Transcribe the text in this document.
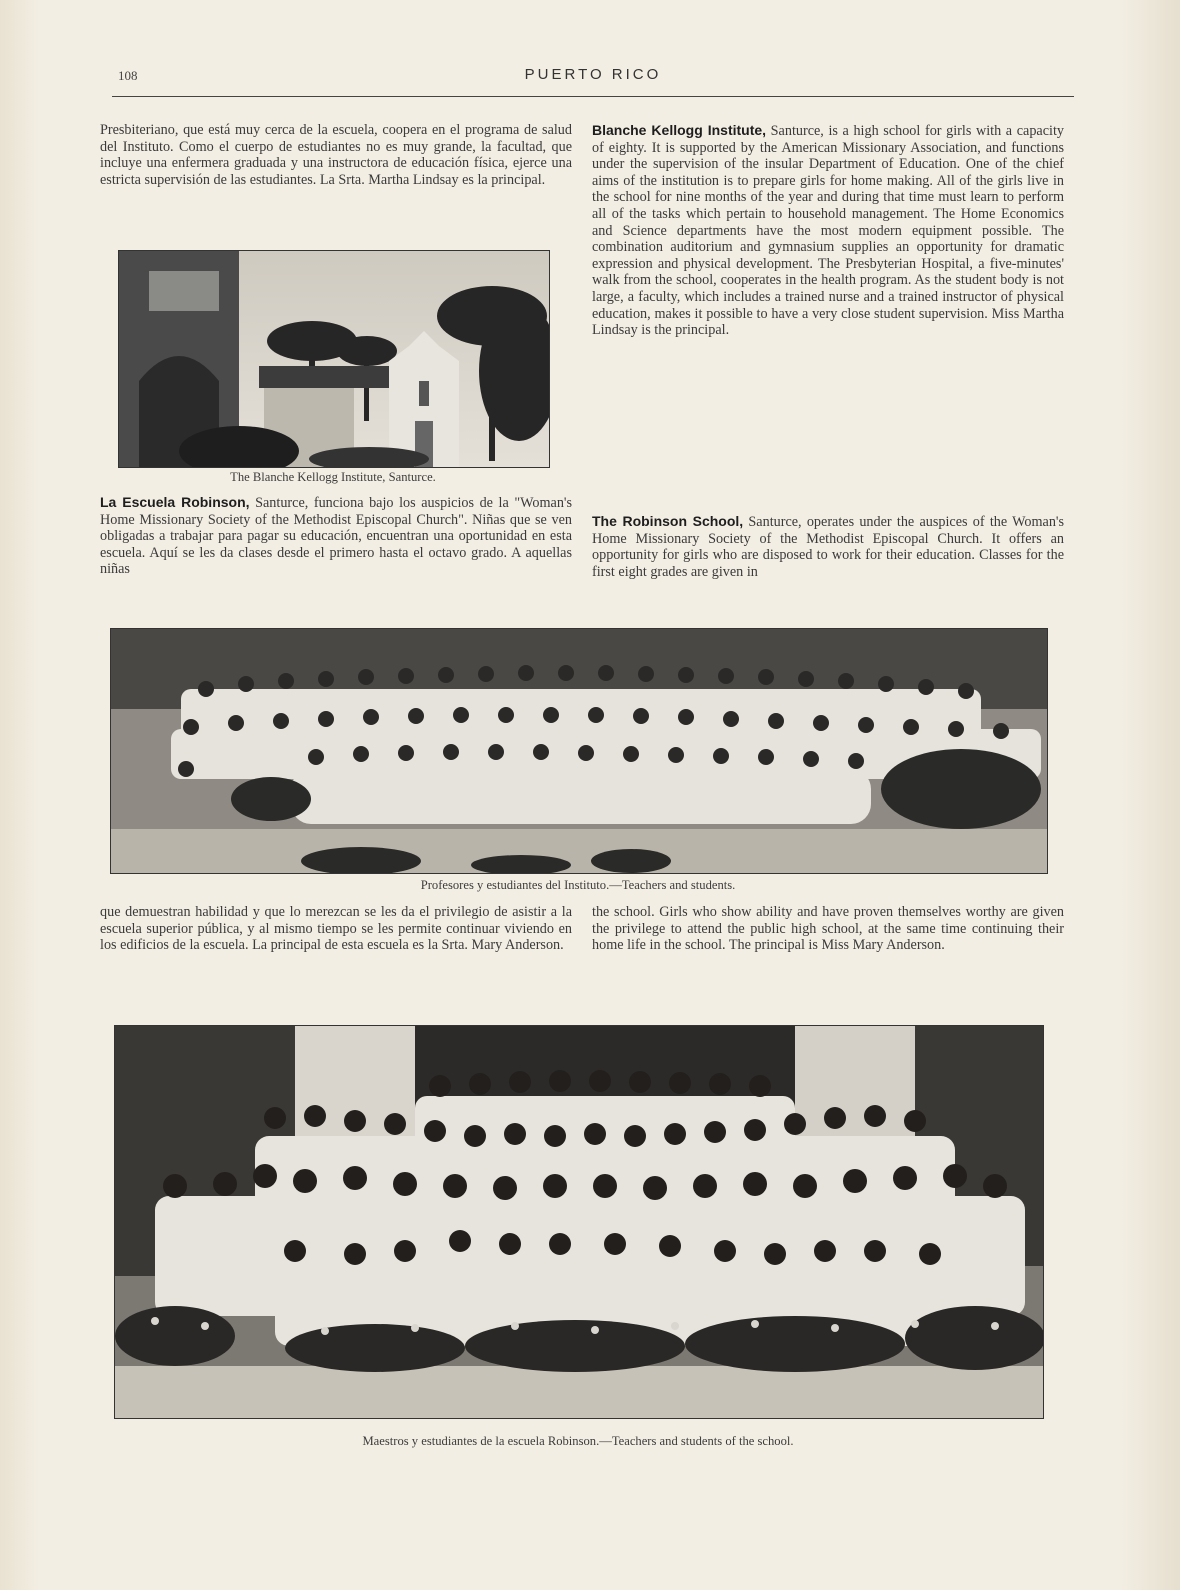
108	PUERTO RICO
Presbiteriano, que está muy cerca de la escuela, coopera en el programa de salud del Instituto. Como el cuerpo de estudiantes no es muy grande, la facultad, que incluye una enfermera graduada y una instructora de educación física, ejerce una estricta supervisión de las estudiantes. La Srta. Martha Lindsay es la principal.
The Blanche Kellogg Institute, Santurce.
La Escuela Robinson, Santurce, funciona bajo los auspicios de la "Woman's Home Missionary Society of the Methodist Episcopal Church". Niñas que se ven obligadas a trabajar para pagar su educación, encuentran una oportunidad en esta escuela. Aquí se les da clases desde el primero hasta el octavo grado. A aquellas niñas
Blanche Kellogg Institute, Santurce, is a high school for girls with a capacity of eighty. It is supported by the American Missionary Association, and functions under the supervision of the insular Department of Education. One of the chief aims of the institution is to prepare girls for home making. All of the girls live in the school for nine months of the year and during that time must learn to perform all of the tasks which pertain to household management. The Home Economics and Science departments have the most modern equipment possible. The combination auditorium and gymnasium supplies an opportunity for dramatic expression and physical development. The Presbyterian Hospital, a five-minutes' walk from the school, cooperates in the health program. As the student body is not large, a faculty, which includes a trained nurse and a trained instructor of physical education, makes it possible to have a very close student supervision. Miss Martha Lindsay is the principal.
The Robinson School, Santurce, operates under the auspices of the Woman's Home Missionary Society of the Methodist Episcopal Church. It offers an opportunity for girls who are disposed to work for their education. Classes for the first eight grades are given in
Profesores y estudiantes del Instituto.—Teachers and students.
que demuestran habilidad y que lo merezcan se les da el privilegio de asistir a la escuela superior pública, y al mismo tiempo se les permite continuar viviendo en los edificios de la escuela. La principal de esta escuela es la Srta. Mary Anderson.
the school. Girls who show ability and have proven themselves worthy are given the privilege to attend the public high school, at the same time continuing their home life in the school. The principal is Miss Mary Anderson.
Maestros y estudiantes de la escuela Robinson.—Teachers and students of the school.
